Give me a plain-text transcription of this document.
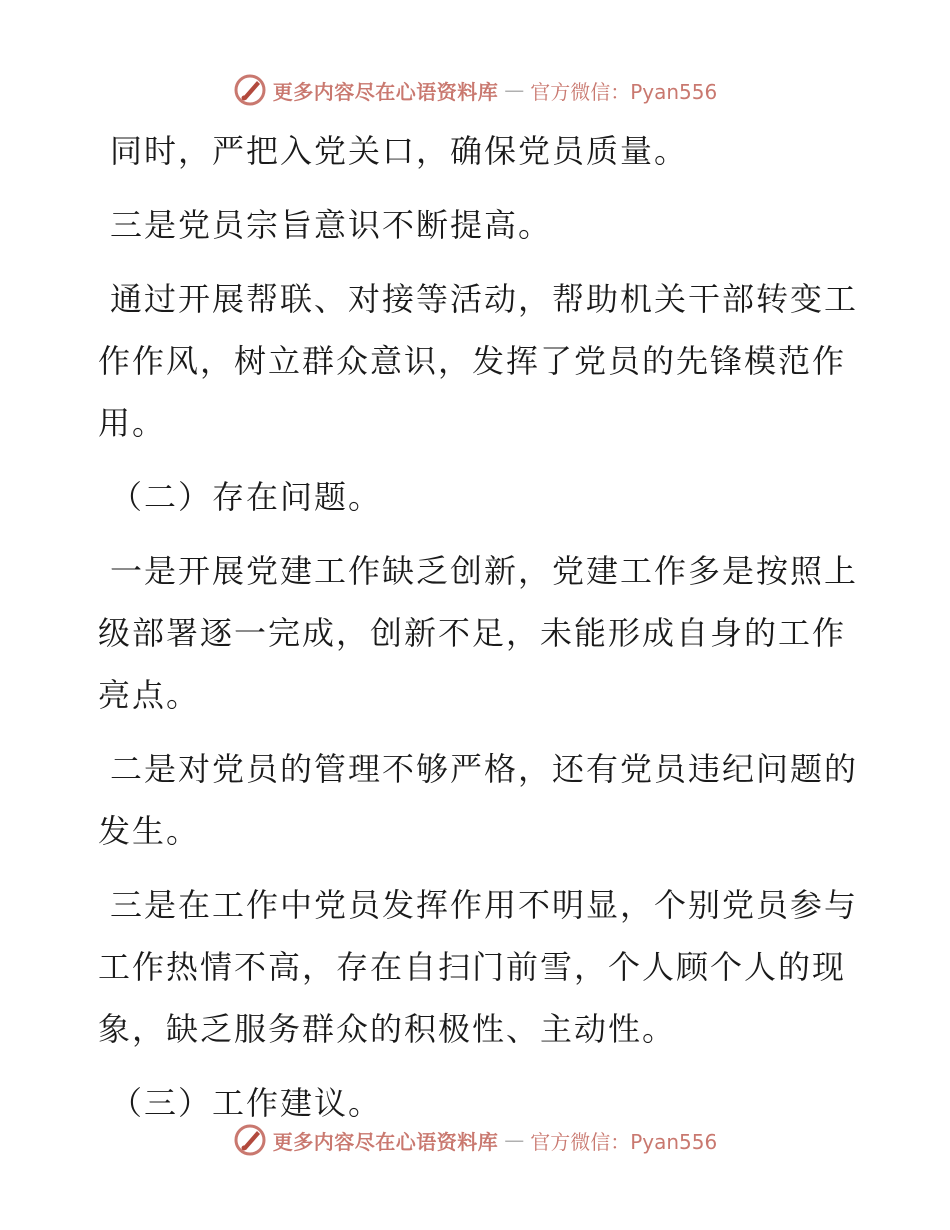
更多内容尽在心语资料库 — 官方微信：Pyan556

同时，严把入党关口，确保党员质量。

三是党员宗旨意识不断提高。

通过开展帮联、对接等活动，帮助机关干部转变工作作风，树立群众意识，发挥了党员的先锋模范作用。

（二）存在问题。

一是开展党建工作缺乏创新，党建工作多是按照上级部署逐一完成，创新不足，未能形成自身的工作亮点。

二是对党员的管理不够严格，还有党员违纪问题的发生。

三是在工作中党员发挥作用不明显，个别党员参与工作热情不高，存在自扫门前雪，个人顾个人的现象，缺乏服务群众的积极性、主动性。

（三）工作建议。

更多内容尽在心语资料库 — 官方微信：Pyan556
